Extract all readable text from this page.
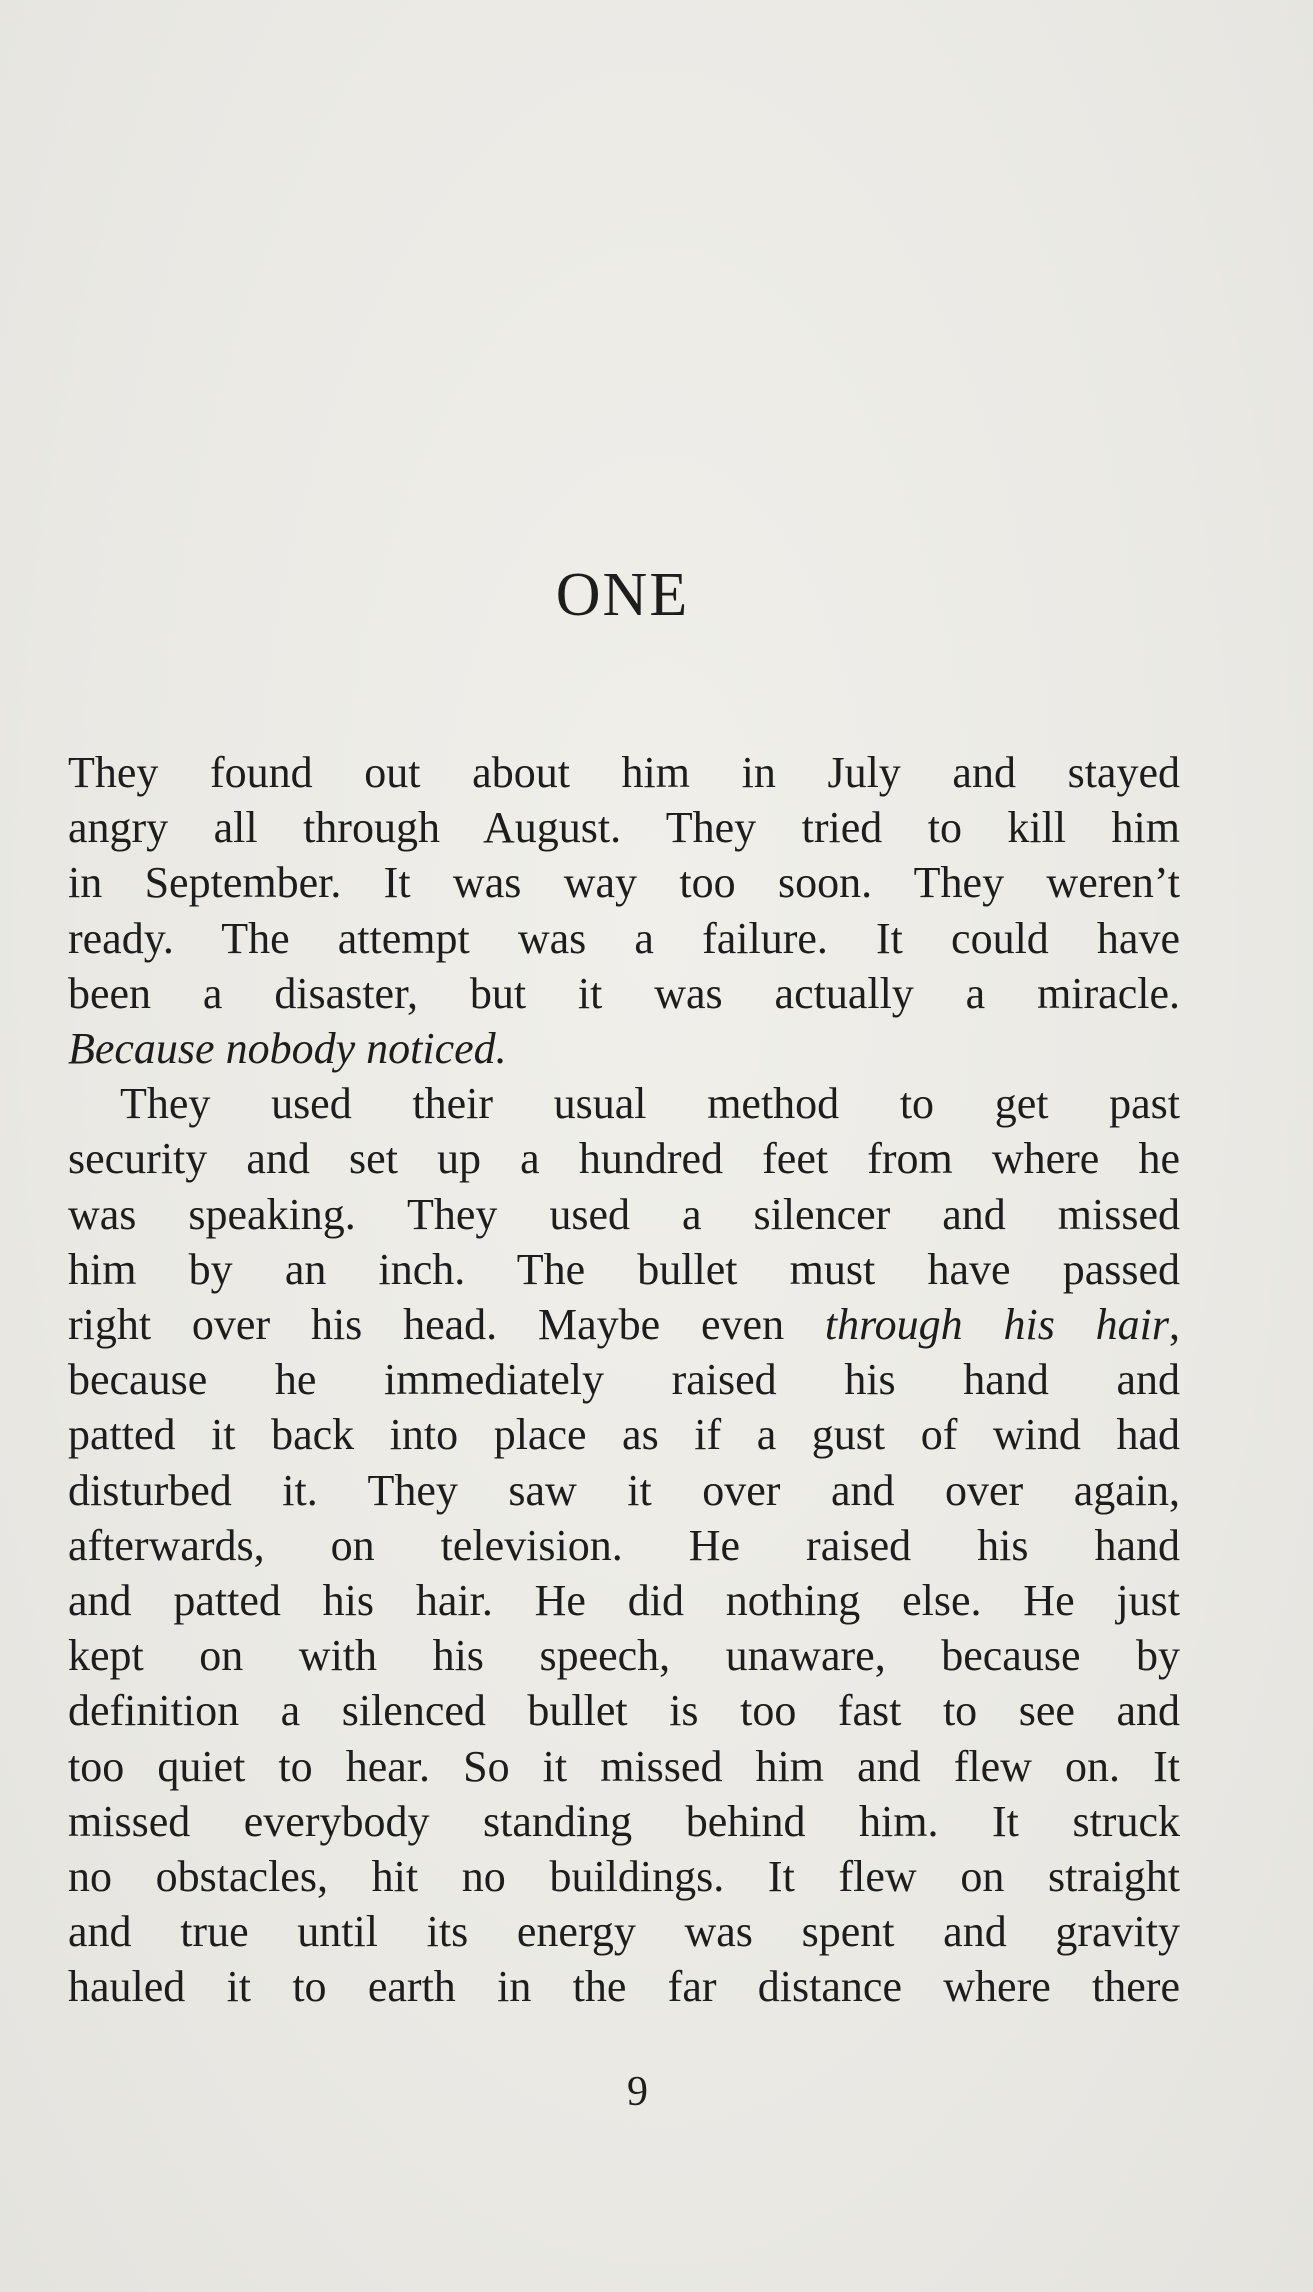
ONE

They found out about him in July and stayed

angry all through August. They tried to kill him

in September. It was way too soon. They weren’t

ready. The attempt was a failure. It could have

been a disaster, but it was actually a miracle.

Because nobody noticed.

They used their usual method to get past

security and set up a hundred feet from where he

was speaking. They used a silencer and missed

him by an inch. The bullet must have passed

right over his head. Maybe even through his hair,

because he immediately raised his hand and

patted it back into place as if a gust of wind had

disturbed it. They saw it over and over again,

afterwards, on television. He raised his hand

and patted his hair. He did nothing else. He just

kept on with his speech, unaware, because by

definition a silenced bullet is too fast to see and

too quiet to hear. So it missed him and flew on. It

missed everybody standing behind him. It struck

no obstacles, hit no buildings. It flew on straight

and true until its energy was spent and gravity

hauled it to earth in the far distance where there

9
